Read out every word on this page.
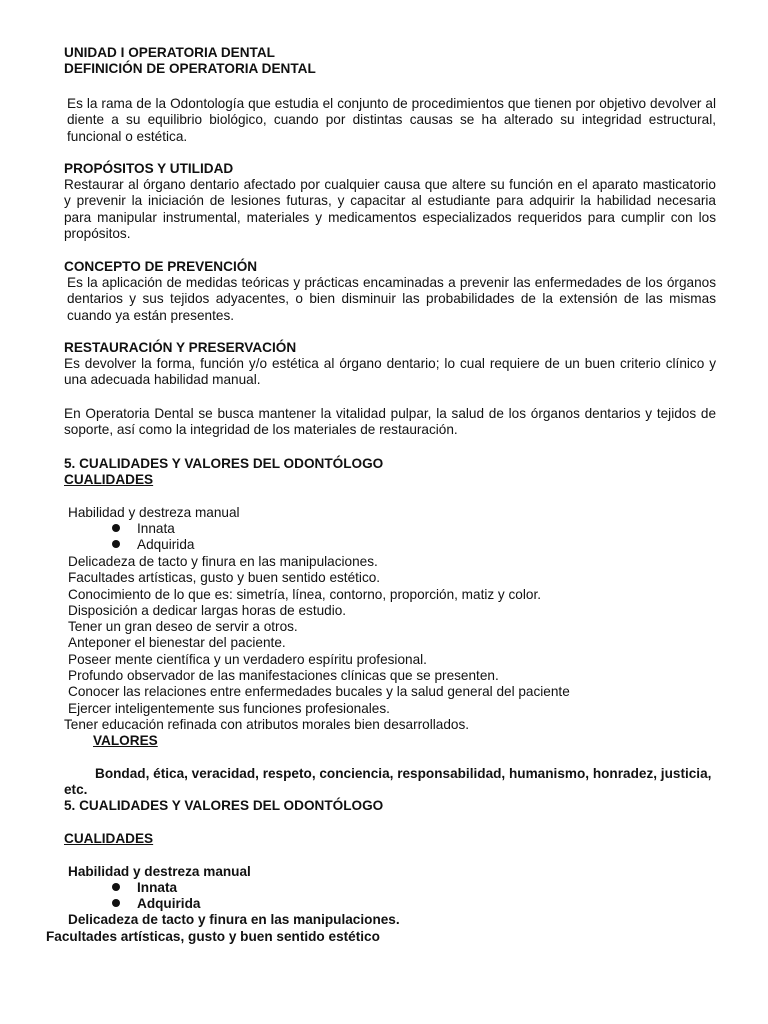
UNIDAD I OPERATORIA DENTAL
DEFINICIÓN DE OPERATORIA DENTAL

Es la rama de la Odontología que estudia el conjunto de procedimientos que tienen por objetivo devolver al diente a su equilibrio biológico, cuando por distintas causas se ha alterado su integridad estructural, funcional o estética.

PROPÓSITOS Y UTILIDAD

Restaurar al órgano dentario afectado por cualquier causa que altere su función en el aparato masticatorio y prevenir la iniciación de lesiones futuras, y capacitar al estudiante para adquirir la habilidad necesaria para manipular instrumental, materiales y medicamentos especializados requeridos para cumplir con los propósitos.

CONCEPTO DE PREVENCIÓN

Es la aplicación de medidas teóricas y prácticas encaminadas a prevenir las enfermedades de los órganos dentarios y sus tejidos adyacentes, o bien disminuir las probabilidades de la extensión de las mismas cuando ya están presentes.

RESTAURACIÓN Y PRESERVACIÓN

Es devolver la forma, función y/o estética al órgano dentario; lo cual requiere de un buen criterio clínico y una adecuada habilidad manual.

En Operatoria Dental se busca mantener la vitalidad pulpar, la salud de los órganos dentarios y tejidos de soporte, así como la integridad de los materiales de restauración.

5. CUALIDADES Y VALORES DEL ODONTÓLOGO
CUALIDADES
Habilidad y destreza manual
Innata
Adquirida
Delicadeza de tacto y finura en las manipulaciones.
Facultades artísticas, gusto y buen sentido estético.
Conocimiento de lo que es: simetría, línea, contorno, proporción, matiz y color.
Disposición a dedicar largas horas de estudio.
Tener un gran deseo de servir a otros.
Anteponer el bienestar del paciente.
Poseer mente científica y un verdadero espíritu profesional.
Profundo observador de las manifestaciones clínicas que se presenten.
Conocer las relaciones entre enfermedades bucales y la salud general del paciente
Ejercer inteligentemente sus funciones profesionales.
Tener educación refinada con atributos morales bien desarrollados.
VALORES
Bondad, ética, veracidad, respeto, conciencia, responsabilidad, humanismo, honradez, justicia,
etc.
5. CUALIDADES Y VALORES DEL ODONTÓLOGO
CUALIDADES
Habilidad y destreza manual
Innata
Adquirida
Delicadeza de tacto y finura en las manipulaciones.
Facultades artísticas, gusto y buen sentido estético
